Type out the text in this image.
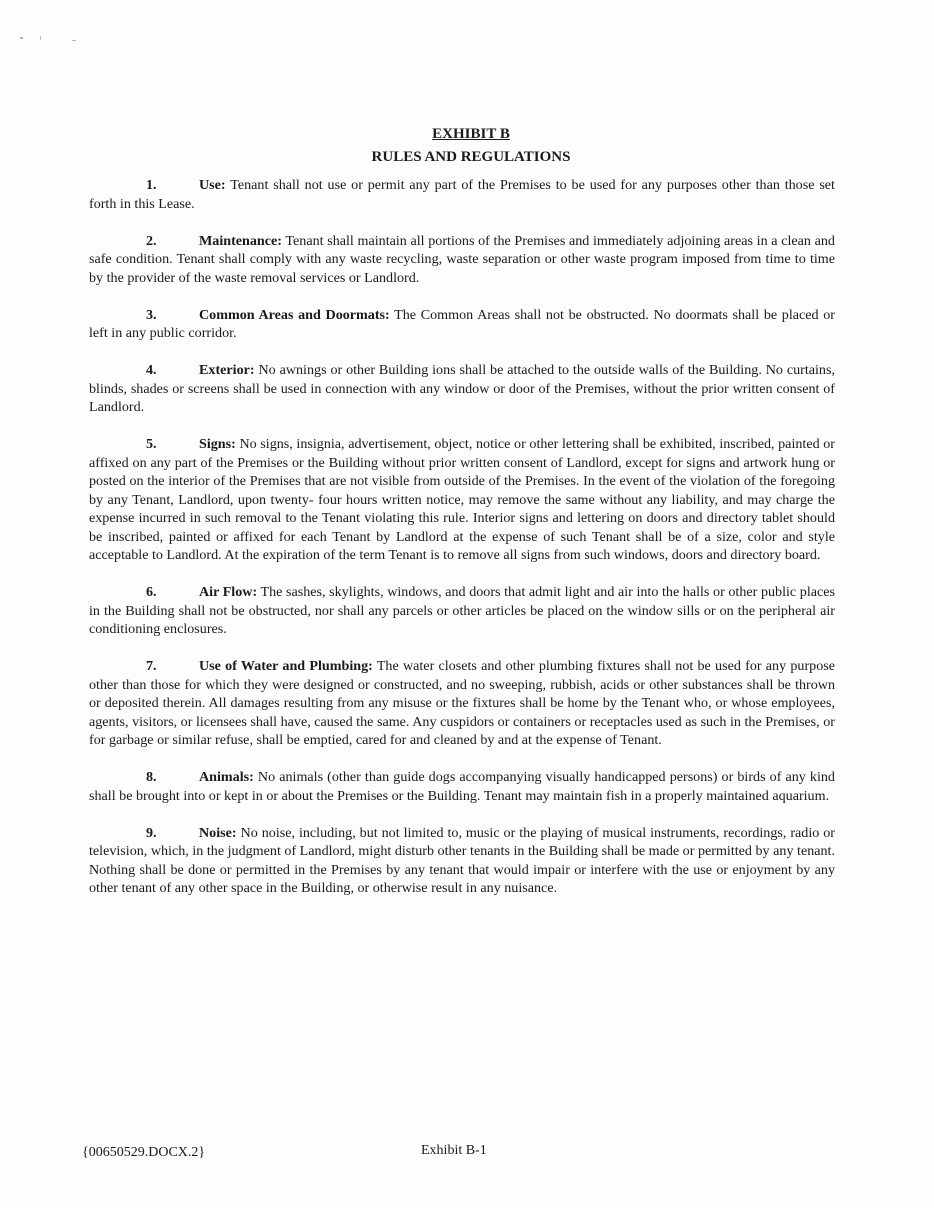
EXHIBIT B
RULES AND REGULATIONS

1.	Use: Tenant shall not use or permit any part of the Premises to be used for any purposes other than those set forth in this Lease.

2.	Maintenance: Tenant shall maintain all portions of the Premises and immediately adjoining areas in a clean and safe condition. Tenant shall comply with any waste recycling, waste separation or other waste program imposed from time to time by the provider of the waste removal services or Landlord.

3.	Common Areas and Doormats: The Common Areas shall not be obstructed. No doormats shall be placed or left in any public corridor.

4.	Exterior: No awnings or other Building ions shall be attached to the outside walls of the Building. No curtains, blinds, shades or screens shall be used in connection with any window or door of the Premises, without the prior written consent of Landlord.

5.	Signs: No signs, insignia, advertisement, object, notice or other lettering shall be exhibited, inscribed, painted or affixed on any part of the Premises or the Building without prior written consent of Landlord, except for signs and artwork hung or posted on the interior of the Premises that are not visible from outside of the Premises. In the event of the violation of the foregoing by any Tenant, Landlord, upon twenty- four hours written notice, may remove the same without any liability, and may charge the expense incurred in such removal to the Tenant violating this rule. Interior signs and lettering on doors and directory tablet should be inscribed, painted or affixed for each Tenant by Landlord at the expense of such Tenant shall be of a size, color and style acceptable to Landlord. At the expiration of the term Tenant is to remove all signs from such windows, doors and directory board.

6.	Air Flow: The sashes, skylights, windows, and doors that admit light and air into the halls or other public places in the Building shall not be obstructed, nor shall any parcels or other articles be placed on the window sills or on the peripheral air conditioning enclosures.

7.	Use of Water and Plumbing: The water closets and other plumbing fixtures shall not be used for any purpose other than those for which they were designed or constructed, and no sweeping, rubbish, acids or other substances shall be thrown or deposited therein. All damages resulting from any misuse or the fixtures shall be home by the Tenant who, or whose employees, agents, visitors, or licensees shall have, caused the same. Any cuspidors or containers or receptacles used as such in the Premises, or for garbage or similar refuse, shall be emptied, cared for and cleaned by and at the expense of Tenant.

8.	Animals: No animals (other than guide dogs accompanying visually handicapped persons) or birds of any kind shall be brought into or kept in or about the Premises or the Building. Tenant may maintain fish in a properly maintained aquarium.

9.	Noise: No noise, including, but not limited to, music or the playing of musical instruments, recordings, radio or television, which, in the judgment of Landlord, might disturb other tenants in the Building shall be made or permitted by any tenant. Nothing shall be done or permitted in the Premises by any tenant that would impair or interfere with the use or enjoyment by any other tenant of any other space in the Building, or otherwise result in any nuisance.

{00650529.DOCX.2}	Exhibit B-1
